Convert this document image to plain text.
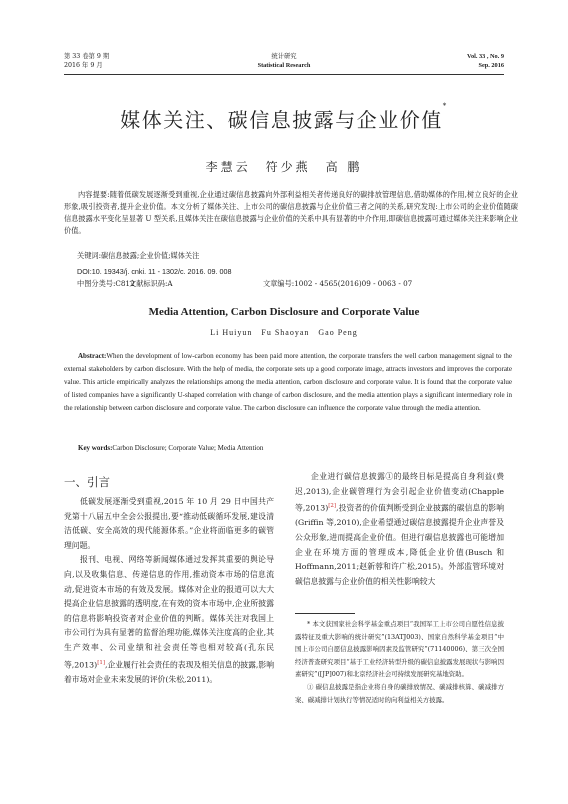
第 33 卷第 9 期
2016 年 9 月
统计研究
Statistical Research
Vol. 33 , No. 9
Sep. 2016
媒体关注、碳信息披露与企业价值*
李慧云　符少燕　高 鹏
内容提要:随着低碳发展逐渐受到重视,企业通过碳信息披露向外部利益相关者传递良好的碳排放管理信息,借助媒体的作用,树立良好的企业形象,吸引投资者,提升企业价值。本文分析了媒体关注、上市公司的碳信息披露与企业价值三者之间的关系,研究发现:上市公司的企业价值随碳信息披露水平变化呈显著 U 型关系,且媒体关注在碳信息披露与企业价值的关系中具有显著的中介作用,即碳信息披露可通过媒体关注来影响企业价值。
关键词:碳信息披露;企业价值;媒体关注
DOI:10. 19343/j. cnki. 11 - 1302/c. 2016. 09. 008
中图分类号:C812
文献标识码:A	文章编号:1002 - 4565(2016)09 - 0063 - 07
Media Attention, Carbon Disclosure and Corporate Value
Li Huiyun　Fu Shaoyan　Gao Peng
Abstract:When the development of low-carbon economy has been paid more attention, the corporate transfers the well carbon management signal to the external stakeholders by carbon disclosure. With the help of media, the corporate sets up a good corporate image, attracts investors and improves the corporate value. This article empirically analyzes the relationships among the media attention, carbon disclosure and corporate value. It is found that the corporate value of listed companies have a significantly U-shaped correlation with change of carbon disclosure, and the media attention plays a significant intermediary role in the relationship between carbon disclosure and corporate value. The carbon disclosure can influence the corporate value through the media attention.
Key words:Carbon Disclosure; Corporate Value; Media Attention
一、引言

低碳发展逐渐受到重视,2015 年 10 月 29 日中国共产党第十八届五中全会公报提出,要“推动低碳循环发展,建设清洁低碳、安全高效的现代能源体系。”企业将面临更多的碳管理问题。

报刊、电视、网络等新闻媒体通过发挥其重要的舆论导向,以及收集信息、传递信息的作用,推动资本市场的信息流动,促进资本市场的有效及发展。媒体对企业的报道可以大大提高企业信息披露的透明度,在有效的资本市场中,企业所披露的信息将影响投资者对企业价值的判断。媒体关注对我国上市公司行为具有显著的监督治理功能,媒体关注度高的企业,其生产效率、公司业绩和社会责任等也相对较高(孔东民等,2013)[1],企业履行社会责任的表现及相关信息的披露,影响着市场对企业未来发展的评价(朱松,2011)。

企业进行碳信息披露①的最终目标是提高自身利益(费迟,2013),企业碳管理行为会引起企业价值变动(Chapple 等,2013)[2],投资者的价值判断受到企业披露的碳信息的影响(Griffin 等,2010),企业希望通过碳信息披露提升企业声誉及公众形象,进而提高企业价值。但进行碳信息披露也可能增加企业在环境方面的管理成本,降低企业价值(Busch 和 Hoffmann,2011;赵新蓉和许广松,2015)。外部监管环境对碳信息披露与企业价值的相关性影响较大

* 本文获国家社会科学基金重点项目“我国军工上市公司自愿性信息披露特征及重大影响的统计研究”(13ATJ003)、国家自然科学基金项目“中国上市公司自愿信息披露影响因素及监管研究”(71140006)、第三次全国经济普查研究项目“基于工业经济转型升级的碳信息披露发展现状与影响因素研究”([JP]007)和北京经济社会可持续发展研究基地资助。

① 碳信息披露是指企业将自身的碳排放情况、碳减排核算、碳减排方案、碳减排计划执行等情况适时的向利益相关方披露。
